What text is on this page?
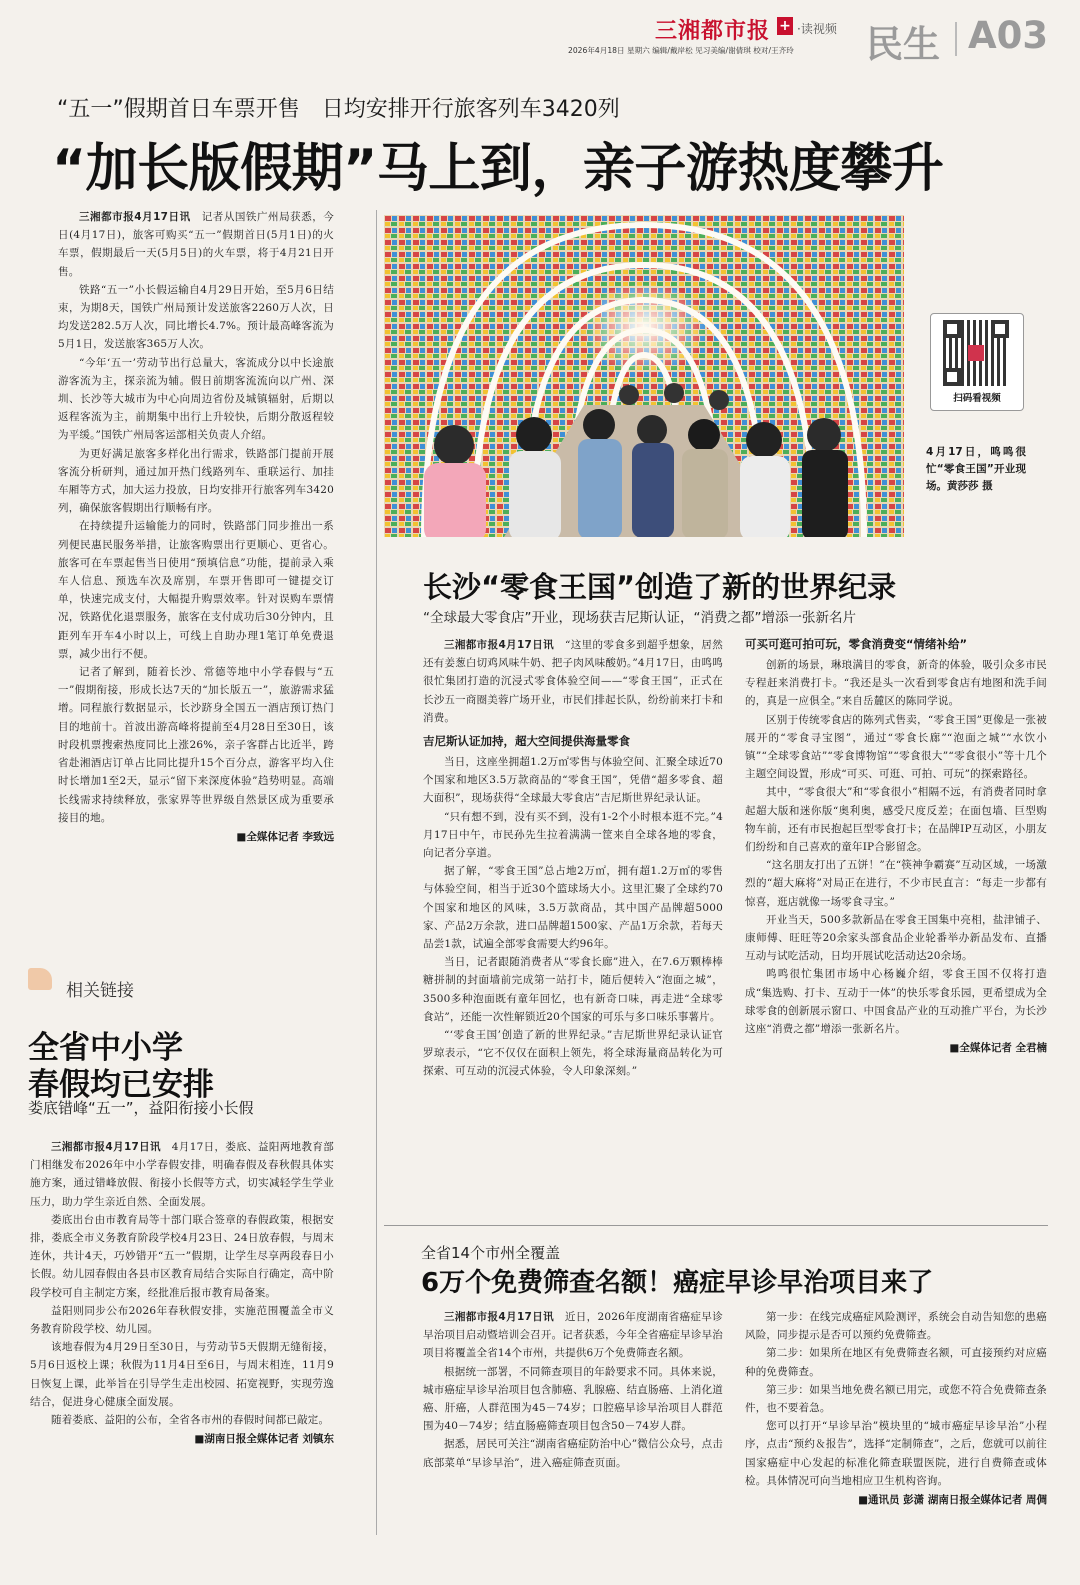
三湘都市报 + ·读视频
2026年4月18日 星期六 编辑/戴岸松 见习美编/谢倩琪 校对/王齐玲	民生 A03
“五一”假期首日车票开售　日均安排开行旅客列车3420列
“加长版假期”马上到，亲子游热度攀升

三湘都市报4月17日讯　 记者从国铁广州局获悉，今日(4月17日)，旅客可购买“五一”假期首日(5月1日)的火车票，假期最后一天(5月5日)的火车票，将于4月21日开售。

铁路“五一”小长假运输自4月29日开始，至5月6日结束，为期8天，国铁广州局预计发送旅客2260万人次，日均发送282.5万人次，同比增长4.7%。预计最高峰客流为5月1日，发送旅客365万人次。

“今年‘五一’劳动节出行总量大，客流成分以中长途旅游客流为主，探亲流为辅。假日前期客流流向以广州、深圳、长沙等大城市为中心向周边省份及城镇辐射，后期以返程客流为主，前期集中出行上升较快，后期分散返程较为平缓。”国铁广州局客运部相关负责人介绍。

为更好满足旅客多样化出行需求，铁路部门提前开展客流分析研判，通过加开热门线路列车、重联运行、加挂车厢等方式，加大运力投放，日均安排开行旅客列车3420列，确保旅客假期出行顺畅有序。

在持续提升运输能力的同时，铁路部门同步推出一系列便民惠民服务举措，让旅客购票出行更顺心、更省心。旅客可在车票起售当日使用“预填信息”功能，提前录入乘车人信息、预选车次及席别，车票开售即可一键提交订单，快速完成支付，大幅提升购票效率。针对误购车票情况，铁路优化退票服务，旅客在支付成功后30分钟内，且距列车开车4小时以上，可线上自助办理1笔订单免费退票，减少出行不便。

记者了解到，随着长沙、常德等地中小学春假与“五一”假期衔接，形成长达7天的“加长版五一”，旅游需求猛增。同程旅行数据显示，长沙跻身全国五一酒店预订热门目的地前十。首波出游高峰将提前至4月28日至30日，该时段机票搜索热度同比上涨26%，亲子客群占比近半，跨省赴湘酒店订单占比同比提升15个百分点，游客平均入住时长增加1至2天，显示“留下来深度体验”趋势明显。高端长线需求持续释放，张家界等世界级自然景区成为重要承接目的地。

■全媒体记者 李致远
扫码看视频
4月17日，鸣鸣很忙“零食王国”开业现场。黄莎莎 摄
长沙“零食王国”创造了新的世界纪录
“全球最大零食店”开业，现场获吉尼斯认证，“消费之都”增添一张新名片

三湘都市报4月17日讯　 “这里的零食多到超乎想象，居然还有姜葱白切鸡风味牛奶、把子肉风味酸奶。”4月17日，由鸣鸣很忙集团打造的沉浸式零食体验空间——“零食王国”，正式在长沙五一商圈美蓉广场开业，市民们排起长队，纷纷前来打卡和消费。

吉尼斯认证加持，超大空间提供海量零食

当日，这座坐拥超1.2万㎡零售与体验空间、汇聚全球近70个国家和地区3.5万款商品的“零食王国”，凭借“超多零食、超大面积”，现场获得“全球最大零食店”吉尼斯世界纪录认证。

“只有想不到，没有买不到，没有1-2个小时根本逛不完。”4月17日中午，市民孙先生拉着满满一筐来自全球各地的零食，向记者分享道。

据了解，“零食王国”总占地2万㎡，拥有超1.2万㎡的零售与体验空间，相当于近30个篮球场大小。这里汇聚了全球约70个国家和地区的风味，3.5万款商品，其中国产品牌超5000家、产品2万余款，进口品牌超1500家、产品1万余款，若每天品尝1款，试遍全部零食需要大约96年。

当日，记者跟随消费者从“零食长廊”进入，在7.6万颗棒棒糖拼制的封面墙前完成第一站打卡，随后便转入“泡面之城”，3500多种泡面既有童年回忆，也有新奇口味，再走进“全球零食站”，还能一次性解锁近20个国家的可乐与多口味乐事薯片。

“‘零食王国’创造了新的世界纪录。”吉尼斯世界纪录认证官罗琼表示，“它不仅仅在面积上领先，将全球海量商品转化为可探索、可互动的沉浸式体验，令人印象深刻。”

可买可逛可拍可玩，零食消费变“情绪补给”

创新的场景，琳琅满目的零食，新奇的体验，吸引众多市民专程赶来消费打卡。“我还是头一次看到零食店有地图和洗手间的，真是一应俱全。”来自岳麓区的陈同学说。

区别于传统零食店的陈列式售卖，“零食王国”更像是一张被展开的“零食寻宝图”，通过“零食长廊”“泡面之城”“水饮小镇”“全球零食站”“零食博物馆”“零食很大”“零食很小”等十几个主题空间设置，形成“可买、可逛、可拍、可玩”的探索路径。

其中，“零食很大”和“零食很小”相隔不远，有消费者同时拿起超大版和迷你版“奥利奥，感受尺度反差；在面包墙、巨型购物车前，还有市民抱起巨型零食打卡；在品牌IP互动区，小朋友们纷纷和自己喜欢的童年IP合影留念。

“这名朋友打出了五饼！”在“筷神争霸赛”互动区域，一场激烈的“超大麻将”对局正在进行，不少市民直言：“每走一步都有惊喜，逛店就像一场零食寻宝。”

开业当天，500多款新品在零食王国集中亮相，盐津铺子、康师傅、旺旺等20余家头部食品企业轮番举办新品发布、直播互动与试吃活动，日均开展试吃活动达20余场。

鸣鸣很忙集团市场中心杨巍介绍，零食王国不仅将打造成“集选购、打卡、互动于一体”的快乐零食乐园，更希望成为全球零食的创新展示窗口、中国食品产业的互动推广平台，为长沙这座“消费之都”增添一张新名片。

■全媒体记者 全君楠
相关链接
全省中小学
春假均已安排
娄底错峰“五一”，益阳衔接小长假

三湘都市报4月17日讯　 4月17日，娄底、益阳两地教育部门相继发布2026年中小学春假安排，明确春假及春秋假具体实施方案，通过错峰放假、衔接小长假等方式，切实减轻学生学业压力，助力学生亲近自然、全面发展。

娄底出台由市教育局等十部门联合签章的春假政策，根据安排，娄底全市义务教育阶段学校4月23日、24日放春假，与周末连休，共计4天，巧妙错开“五一”假期，让学生尽享两段春日小长假。幼儿园春假由各县市区教育局结合实际自行确定，高中阶段学校可自主制定方案，经批准后报市教育局备案。

益阳则同步公布2026年春秋假安排，实施范围覆盖全市义务教育阶段学校、幼儿园。

该地春假为4月29日至30日，与劳动节5天假期无缝衔接，5月6日返校上课；秋假为11月4日至6日，与周末相连，11月9日恢复上课，此举旨在引导学生走出校园、拓宽视野，实现劳逸结合，促进身心健康全面发展。

随着娄底、益阳的公布，全省各市州的春假时间都已敲定。

■湖南日报全媒体记者 刘镇东
全省14个市州全覆盖
6万个免费筛查名额！癌症早诊早治项目来了

三湘都市报4月17日讯　 近日，2026年度湖南省癌症早诊早治项目启动暨培训会召开。记者获悉，今年全省癌症早诊早治项目将覆盖全省14个市州，共提供6万个免费筛查名额。

根据统一部署，不同筛查项目的年龄要求不同。具体来说，城市癌症早诊早治项目包含肺癌、乳腺癌、结直肠癌、上消化道癌、肝癌，人群范围为45－74岁；口腔癌早诊早治项目人群范围为40－74岁；结直肠癌筛查项目包含50－74岁人群。

据悉，居民可关注“湖南省癌症防治中心”微信公众号，点击底部菜单“早诊早治”，进入癌症筛查页面。

第一步：在线完成癌症风险测评，系统会自动告知您的患癌风险，同步提示是否可以预约免费筛查。

第二步：如果所在地区有免费筛查名额，可直接预约对应癌种的免费筛查。

第三步：如果当地免费名额已用完，或您不符合免费筛查条件，也不要着急。

您可以打开“早诊早治”模块里的“城市癌症早诊早治”小程序，点击“预约＆报告”，选择“定制筛查”，之后，您就可以前往国家癌症中心发起的标准化筛查联盟医院，进行自费筛查或体检。具体情况可向当地相应卫生机构咨询。

■通讯员 彭潇 湖南日报全媒体记者 周倜
